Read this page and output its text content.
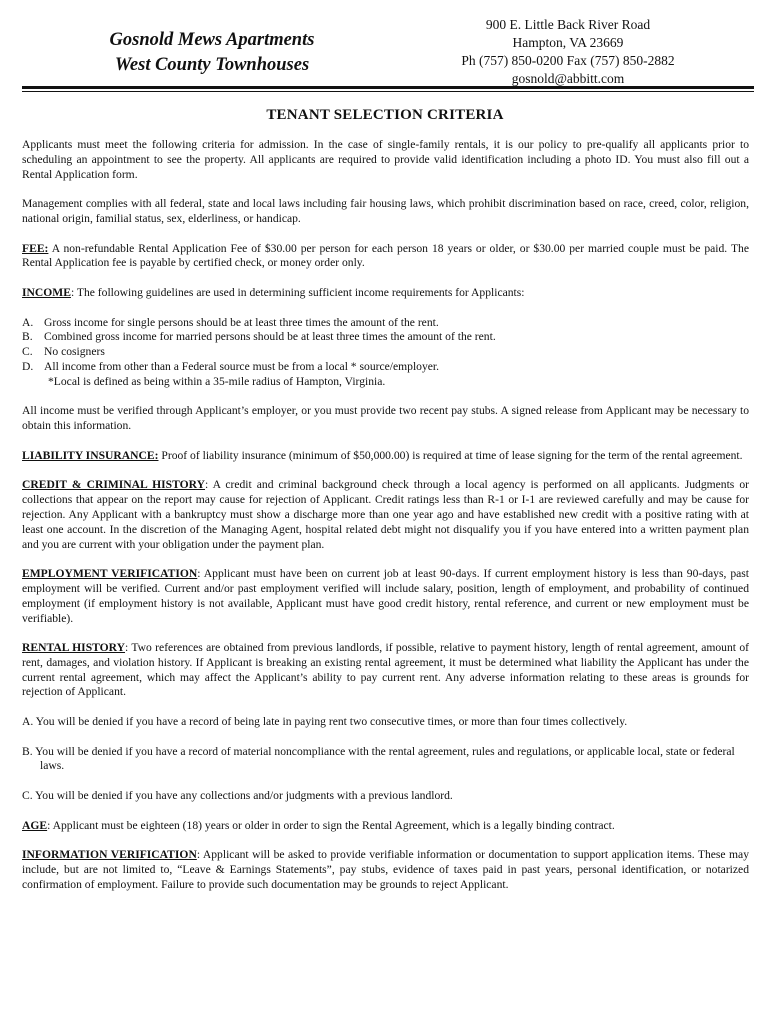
Gosnold Mews Apartments
West County Townhouses
900 E. Little Back River Road
Hampton, VA 23669
Ph (757) 850-0200 Fax (757) 850-2882
gosnold@abbitt.com
TENANT SELECTION CRITERIA

Applicants must meet the following criteria for admission. In the case of single-family rentals, it is our policy to pre-qualify all applicants prior to scheduling an appointment to see the property. All applicants are required to provide valid identification including a photo ID. You must also fill out a Rental Application form.

Management complies with all federal, state and local laws including fair housing laws, which prohibit discrimination based on race, creed, color, religion, national origin, familial status, sex, elderliness, or handicap.

FEE: A non-refundable Rental Application Fee of $30.00 per person for each person 18 years or older, or $30.00 per married couple must be paid. The Rental Application fee is payable by certified check, or money order only.

INCOME: The following guidelines are used in determining sufficient income requirements for Applicants:

A. Gross income for single persons should be at least three times the amount of the rent.
B. Combined gross income for married persons should be at least three times the amount of the rent.
C. No cosigners
D. All income from other than a Federal source must be from a local * source/employer.
*Local is defined as being within a 35-mile radius of Hampton, Virginia.

All income must be verified through Applicant’s employer, or you must provide two recent pay stubs. A signed release from Applicant may be necessary to obtain this information.

LIABILITY INSURANCE: Proof of liability insurance (minimum of $50,000.00) is required at time of lease signing for the term of the rental agreement.

CREDIT & CRIMINAL HISTORY: A credit and criminal background check through a local agency is performed on all applicants. Judgments or collections that appear on the report may cause for rejection of Applicant. Credit ratings less than R-1 or I-1 are reviewed carefully and may be cause for rejection. Any Applicant with a bankruptcy must show a discharge more than one year ago and have established new credit with a positive rating with at least one account. In the discretion of the Managing Agent, hospital related debt might not disqualify you if you have entered into a written payment plan and you are current with your obligation under the payment plan.

EMPLOYMENT VERIFICATION: Applicant must have been on current job at least 90-days. If current employment history is less than 90-days, past employment will be verified. Current and/or past employment verified will include salary, position, length of employment, and probability of continued employment (if employment history is not available, Applicant must have good credit history, rental reference, and current or new employment must be verifiable).

RENTAL HISTORY: Two references are obtained from previous landlords, if possible, relative to payment history, length of rental agreement, amount of rent, damages, and violation history. If Applicant is breaking an existing rental agreement, it must be determined what liability the Applicant has under the current rental agreement, which may affect the Applicant’s ability to pay current rent. Any adverse information relating to these areas is grounds for rejection of Applicant.

A. You will be denied if you have a record of being late in paying rent two consecutive times, or more than four times collectively.

B. You will be denied if you have a record of material noncompliance with the rental agreement, rules and regulations, or applicable local, state or federal laws.

C. You will be denied if you have any collections and/or judgments with a previous landlord.

AGE: Applicant must be eighteen (18) years or older in order to sign the Rental Agreement, which is a legally binding contract.

INFORMATION VERIFICATION: Applicant will be asked to provide verifiable information or documentation to support application items. These may include, but are not limited to, “Leave & Earnings Statements”, pay stubs, evidence of taxes paid in past years, personal identification, or notarized confirmation of employment. Failure to provide such documentation may be grounds to reject Applicant.
